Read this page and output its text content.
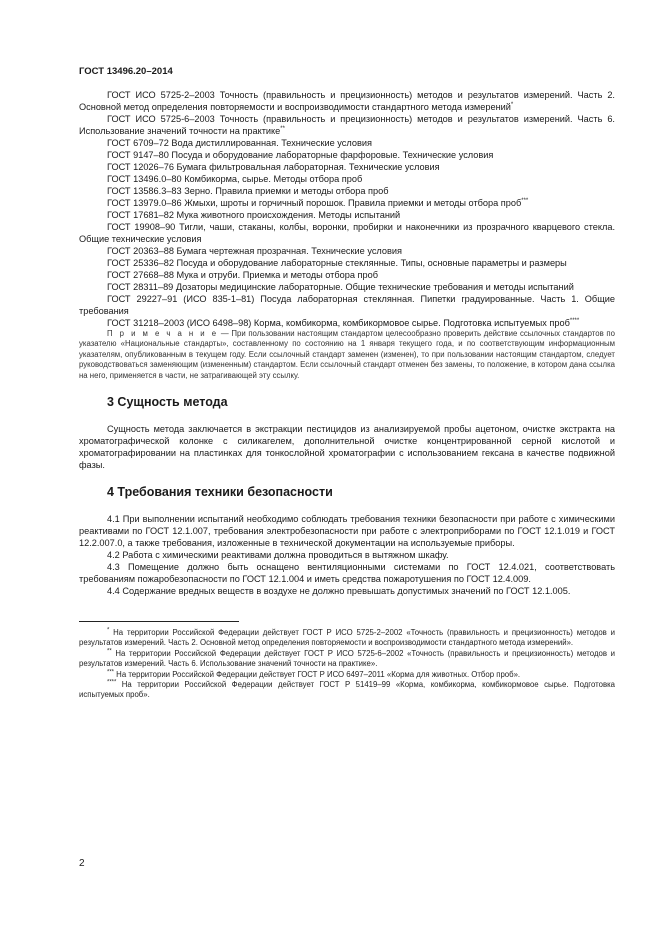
ГОСТ 13496.20–2014

ГОСТ ИСО 5725-2–2003 Точность (правильность и прецизионность) методов и результатов измерений. Часть 2. Основной метод определения повторяемости и воспроизводимости стандартного метода измерений*

ГОСТ ИСО 5725-6–2003 Точность (правильность и прецизионность) методов и результатов измерений. Часть 6. Использование значений точности на практике**

ГОСТ 6709–72 Вода дистиллированная. Технические условия

ГОСТ 9147–80 Посуда и оборудование лабораторные фарфоровые. Технические условия

ГОСТ 12026–76 Бумага фильтровальная лабораторная. Технические условия

ГОСТ 13496.0–80 Комбикорма, сырье. Методы отбора проб

ГОСТ 13586.3–83 Зерно. Правила приемки и методы отбора проб

ГОСТ 13979.0–86 Жмыхи, шроты и горчичный порошок. Правила приемки и методы отбора проб***

ГОСТ 17681–82 Мука животного происхождения. Методы испытаний

ГОСТ 19908–90 Тигли, чаши, стаканы, колбы, воронки, пробирки и наконечники из прозрачного кварцевого стекла. Общие технические условия

ГОСТ 20363–88 Бумага чертежная прозрачная. Технические условия

ГОСТ 25336–82 Посуда и оборудование лабораторные стеклянные. Типы, основные параметры и размеры

ГОСТ 27668–88 Мука и отруби. Приемка и методы отбора проб

ГОСТ 28311–89 Дозаторы медицинские лабораторные. Общие технические требования и методы испытаний

ГОСТ 29227–91 (ИСО 835-1–81) Посуда лабораторная стеклянная. Пипетки градуированные. Часть 1. Общие требования

ГОСТ 31218–2003 (ИСО 6498–98) Корма, комбикорма, комбикормовое сырье. Подготовка испытуемых проб****

П р и м е ч а н и е — При пользовании настоящим стандартом целесообразно проверить действие ссылочных стандартов по указателю «Национальные стандарты», составленному по состоянию на 1 января текущего года, и по соответствующим информационным указателям, опубликованным в текущем году. Если ссылочный стандарт заменен (изменен), то при пользовании настоящим стандартом, следует руководствоваться заменяющим (измененным) стандартом. Если ссылочный стандарт отменен без замены, то положение, в котором дана ссылка на него, применяется в части, не затрагивающей эту ссылку.

3 Сущность метода

Сущность метода заключается в экстракции пестицидов из анализируемой пробы ацетоном, очистке экстракта на хроматографической колонке с силикагелем, дополнительной очистке концентрированной серной кислотой и хроматографировании на пластинках для тонкослойной хроматографии с использованием гексана в качестве подвижной фазы.

4 Требования техники безопасности

4.1 При выполнении испытаний необходимо соблюдать требования техники безопасности при работе с химическими реактивами по ГОСТ 12.1.007, требования электробезопасности при работе с электроприборами по ГОСТ 12.1.019 и ГОСТ 12.2.007.0, а также требования, изложенные в технической документации на используемые приборы.

4.2 Работа с химическими реактивами должна проводиться в вытяжном шкафу.

4.3 Помещение должно быть оснащено вентиляционными системами по ГОСТ 12.4.021, соответствовать требованиям пожаробезопасности по ГОСТ 12.1.004 и иметь средства пожаротушения по ГОСТ 12.4.009.

4.4 Содержание вредных веществ в воздухе не должно превышать допустимых значений по ГОСТ 12.1.005.

* На территории Российской Федерации действует ГОСТ Р ИСО 5725-2–2002 «Точность (правильность и прецизионность) методов и результатов измерений. Часть 2. Основной метод определения повторяемости и воспроизводимости стандартного метода измерений».

** На территории Российской Федерации действует ГОСТ Р ИСО 5725-6–2002 «Точность (правильность и прецизионность) методов и результатов измерений. Часть 6. Использование значений точности на практике».

*** На территории Российской Федерации действует ГОСТ Р ИСО 6497–2011 «Корма для животных. Отбор проб».

**** На территории Российской Федерации действует ГОСТ Р 51419–99 «Корма, комбикорма, комбикормовое сырье. Подготовка испытуемых проб».

2
